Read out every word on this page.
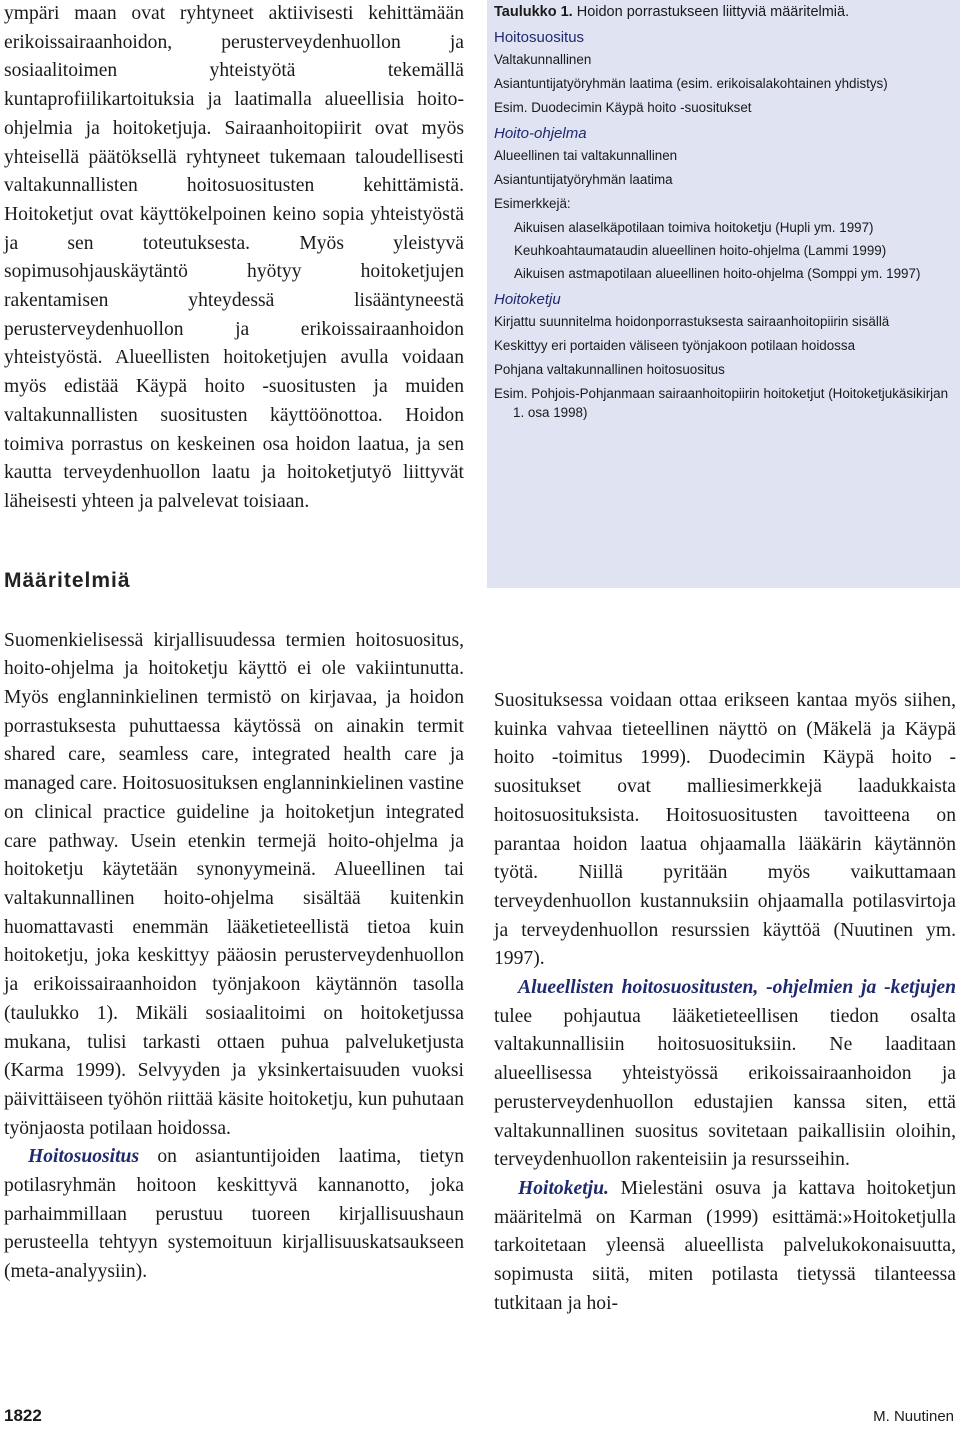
ympäri maan ovat ryhtyneet aktiivisesti kehittämään erikoissairaanhoidon, perusterveydenhuollon ja sosiaalitoimen yhteistyötä tekemällä kuntaprofiilikartoituksia ja laatimalla alueellisia hoito-ohjelmia ja hoitoketjuja. Sairaanhoitopiirit ovat myös yhteisellä päätöksellä ryhtyneet tukemaan taloudellisesti valtakunnallisten hoitosuositusten kehittämistä. Hoitoketjut ovat käyttökelpoinen keino sopia yhteistyöstä ja sen toteutuksesta. Myös yleistyvä sopimusohjauskäytäntö hyötyy hoitoketjujen rakentamisen yhteydessä lisääntyneestä perusterveydenhuollon ja erikoissairaanhoidon yhteistyöstä. Alueellisten hoitoketjujen avulla voidaan myös edistää Käypä hoito -suositusten ja muiden valtakunnallisten suositusten käyttöönottoa. Hoidon toimiva porrastus on keskeinen osa hoidon laatua, ja sen kautta terveydenhuollon laatu ja hoitoketjutyö liittyvät läheisesti yhteen ja palvelevat toisiaan.

Määritelmiä

Suomenkielisessä kirjallisuudessa termien hoitosuositus, hoito-ohjelma ja hoitoketju käyttö ei ole vakiintunutta. Myös englanninkielinen termistö on kirjavaa, ja hoidon porrastuksesta puhuttaessa käytössä on ainakin termit shared care, seamless care, integrated health care ja managed care. Hoitosuosituksen englanninkielinen vastine on clinical practice guideline ja hoitoketjun integrated care pathway. Usein etenkin termejä hoito-ohjelma ja hoitoketju käytetään synonyymeinä. Alueellinen tai valtakunnallinen hoito-ohjelma sisältää kuitenkin huomattavasti enemmän lääketieteellistä tietoa kuin hoitoketju, joka keskittyy pääosin perusterveydenhuollon ja erikoissairaanhoidon työnjakoon käytännön tasolla (taulukko 1). Mikäli sosiaalitoimi on hoitoketjussa mukana, tulisi tarkasti ottaen puhua palveluketjusta (Karma 1999). Selvyyden ja yksinkertaisuuden vuoksi päivittäiseen työhön riittää käsite hoitoketju, kun puhutaan työnjaosta potilaan hoidossa.

Hoitosuositus on asiantuntijoiden laatima, tietyn potilasryhmän hoitoon keskittyvä kannanotto, joka parhaimmillaan perustuu tuoreen kirjallisuushaun perusteella tehtyyn systemoituun kirjallisuuskatsaukseen (meta-analyysiin).

Taulukko 1. Hoidon porrastukseen liittyviä määritelmiä.
Hoitosuositus
Valtakunnallinen
Asiantuntijatyöryhmän laatima (esim. erikoisalakohtainen yhdistys)
Esim. Duodecimin Käypä hoito -suositukset
Hoito-ohjelma
Alueellinen tai valtakunnallinen
Asiantuntijatyöryhmän laatima
Esimerkkejä:
Aikuisen alaselkäpotilaan toimiva hoitoketju (Hupli ym. 1997)
Keuhkoahtaumataudin alueellinen hoito-ohjelma (Lammi 1999)
Aikuisen astmapotilaan alueellinen hoito-ohjelma (Somppi ym. 1997)
Hoitoketju
Kirjattu suunnitelma hoidonporrastuksesta sairaanhoitopiirin sisällä
Keskittyy eri portaiden väliseen työnjakoon potilaan hoidossa
Pohjana valtakunnallinen hoitosuositus
Esim. Pohjois-Pohjanmaan sairaanhoitopiirin hoitoketjut (Hoitoketjukäsikirjan 1. osa 1998)

Suosituksessa voidaan ottaa erikseen kantaa myös siihen, kuinka vahvaa tieteellinen näyttö on (Mäkelä ja Käypä hoito -toimitus 1999). Duodecimin Käypä hoito -suositukset ovat malliesimerkkejä laadukkaista hoitosuosituksista. Hoitosuositusten tavoitteena on parantaa hoidon laatua ohjaamalla lääkärin käytännön työtä. Niillä pyritään myös vaikuttamaan terveydenhuollon kustannuksiin ohjaamalla potilasvirtoja ja terveydenhuollon resurssien käyttöä (Nuutinen ym. 1997).

Alueellisten hoitosuositusten, -ohjelmien ja -ketjujen tulee pohjautua lääketieteellisen tiedon osalta valtakunnallisiin hoitosuosituksiin. Ne laaditaan alueellisessa yhteistyössä erikoissairaanhoidon ja perusterveydenhuollon edustajien kanssa siten, että valtakunnallinen suositus sovitetaan paikallisiin oloihin, terveydenhuollon rakenteisiin ja resursseihin.

Hoitoketju. Mielestäni osuva ja kattava hoitoketjun määritelmä on Karman (1999) esittämä:»Hoitoketjulla tarkoitetaan yleensä alueellista palvelukokonaisuutta, sopimusta siitä, miten potilasta tietyssä tilanteessa tutkitaan ja hoi-

1822	M. Nuutinen
